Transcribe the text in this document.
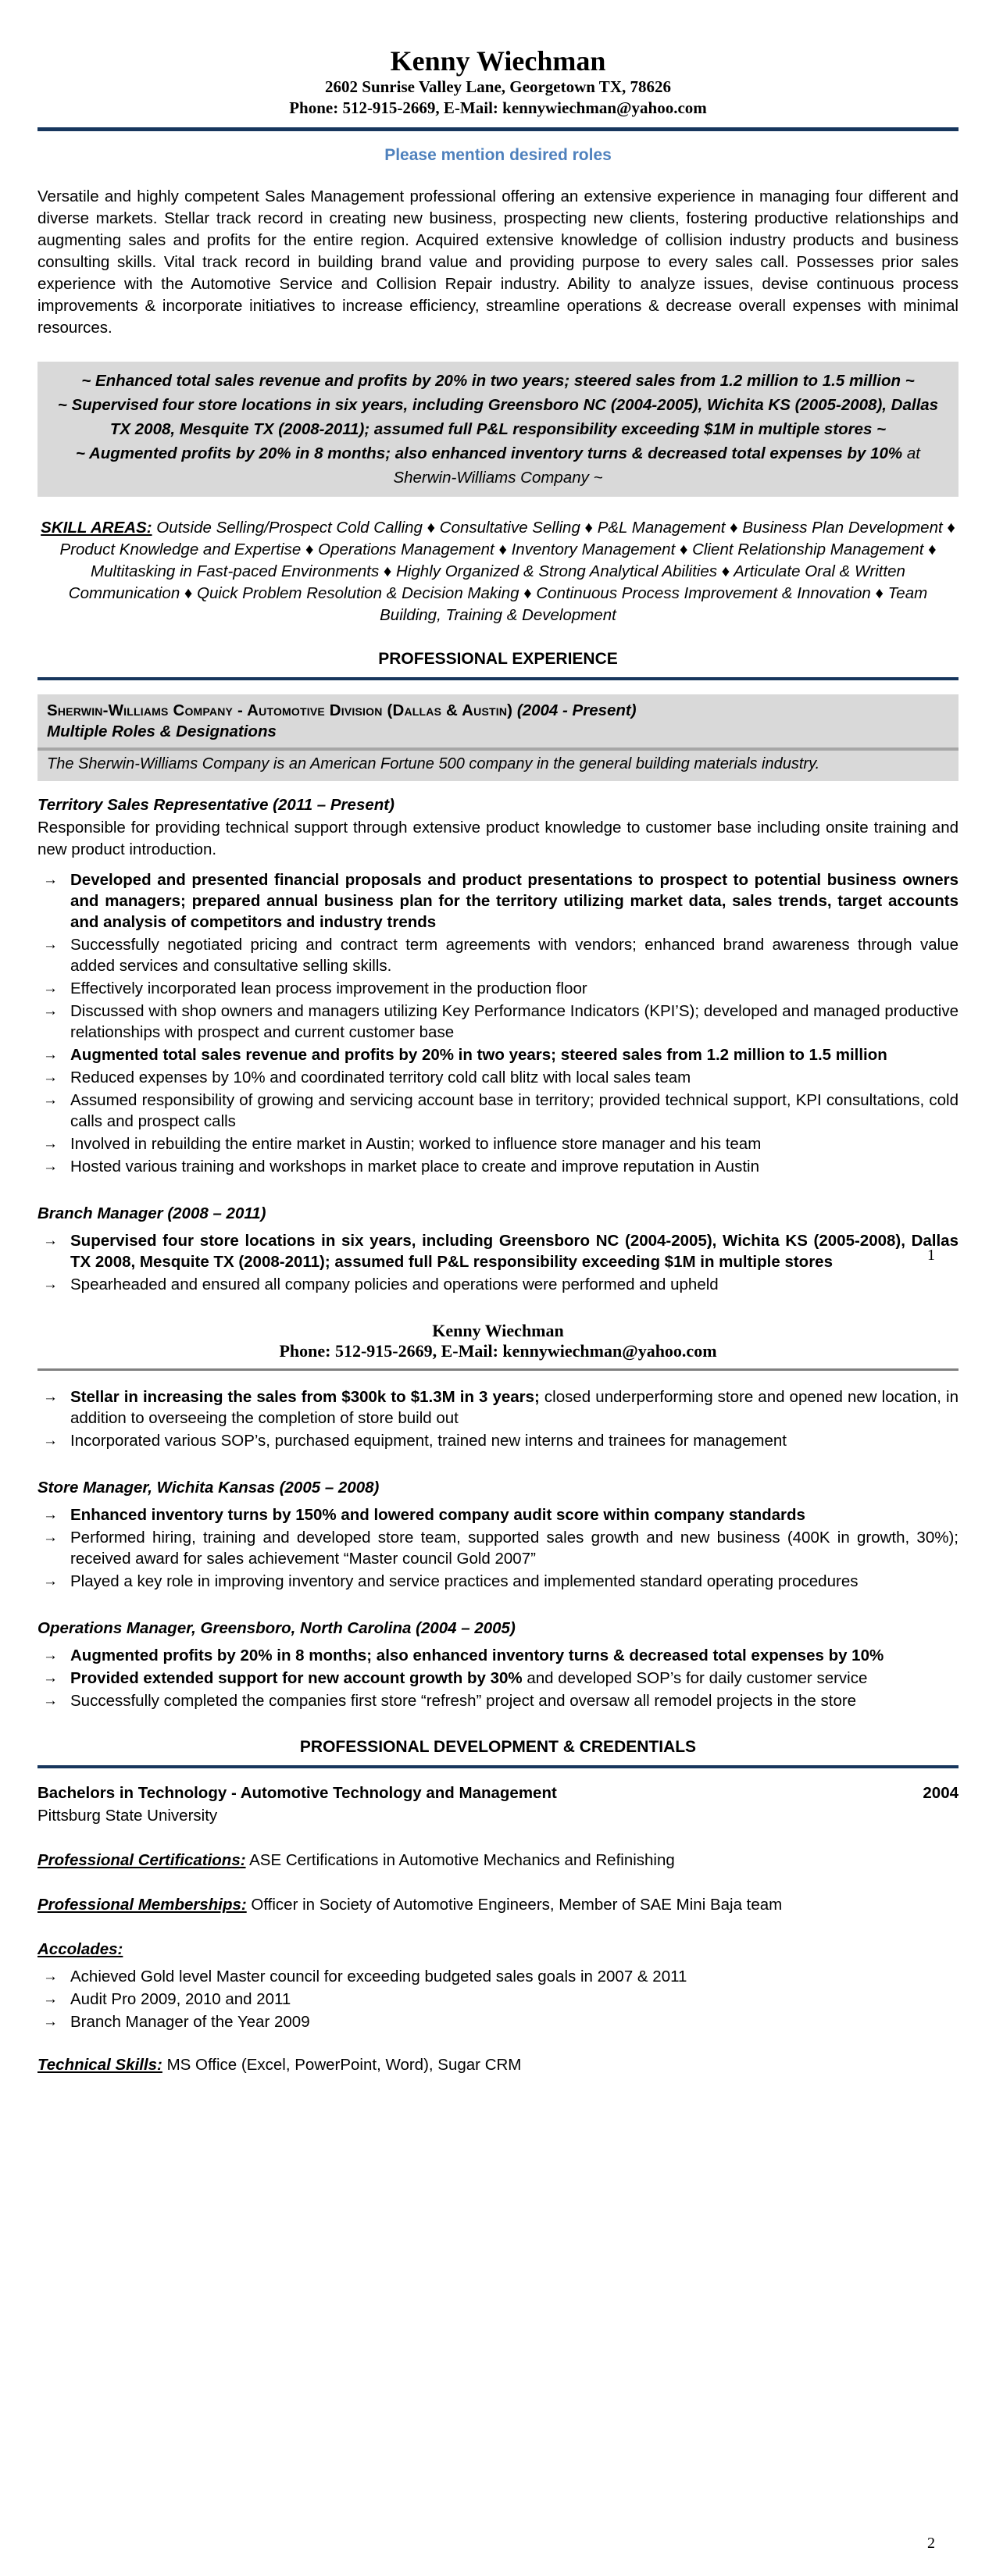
Kenny Wiechman
2602 Sunrise Valley Lane, Georgetown TX, 78626
Phone: 512-915-2669, E-Mail: kennywiechman@yahoo.com
Please mention desired roles

Versatile and highly competent Sales Management professional offering an extensive experience in managing four different and diverse markets. Stellar track record in creating new business, prospecting new clients, fostering productive relationships and augmenting sales and profits for the entire region. Acquired extensive knowledge of collision industry products and business consulting skills. Vital track record in building brand value and providing purpose to every sales call. Possesses prior sales experience with the Automotive Service and Collision Repair industry. Ability to analyze issues, devise continuous process improvements & incorporate initiatives to increase efficiency, streamline operations & decrease overall expenses with minimal resources.

~ Enhanced total sales revenue and profits by 20% in two years; steered sales from 1.2 million to 1.5 million ~
~ Supervised four store locations in six years, including Greensboro NC (2004-2005), Wichita KS (2005-2008), Dallas TX 2008, Mesquite TX (2008-2011); assumed full P&L responsibility exceeding $1M in multiple stores ~
~ Augmented profits by 20% in 8 months; also enhanced inventory turns & decreased total expenses by 10% at Sherwin-Williams Company ~

SKILL AREAS: Outside Selling/Prospect Cold Calling ♦ Consultative Selling ♦ P&L Management ♦ Business Plan Development ♦ Product Knowledge and Expertise ♦ Operations Management ♦ Inventory Management ♦ Client Relationship Management ♦ Multitasking in Fast-paced Environments ♦ Highly Organized & Strong Analytical Abilities ♦ Articulate Oral & Written Communication ♦ Quick Problem Resolution & Decision Making ♦ Continuous Process Improvement & Innovation ♦ Team Building, Training & Development

PROFESSIONAL EXPERIENCE
Sherwin-Williams Company - Automotive Division (Dallas & Austin) (2004 - Present)
Multiple Roles & Designations
The Sherwin-Williams Company is an American Fortune 500 company in the general building materials industry.
Territory Sales Representative (2011 – Present)

Responsible for providing technical support through extensive product knowledge to customer base including onsite training and new product introduction.

→ Developed and presented financial proposals and product presentations to prospect to potential business owners and managers; prepared annual business plan for the territory utilizing market data, sales trends, target accounts and analysis of competitors and industry trends
→ Successfully negotiated pricing and contract term agreements with vendors; enhanced brand awareness through value added services and consultative selling skills.
→ Effectively incorporated lean process improvement in the production floor
→ Discussed with shop owners and managers utilizing Key Performance Indicators (KPI’S); developed and managed productive relationships with prospect and current customer base
→ Augmented total sales revenue and profits by 20% in two years; steered sales from 1.2 million to 1.5 million
→ Reduced expenses by 10% and coordinated territory cold call blitz with local sales team
→ Assumed responsibility of growing and servicing account base in territory; provided technical support, KPI consultations, cold calls and prospect calls
→ Involved in rebuilding the entire market in Austin; worked to influence store manager and his team
→ Hosted various training and workshops in market place to create and improve reputation in Austin
Branch Manager (2008 – 2011)
→ Supervised four store locations in six years, including Greensboro NC (2004-2005), Wichita KS (2005-2008), Dallas TX 2008, Mesquite TX (2008-2011); assumed full P&L responsibility exceeding $1M in multiple stores
→ Spearheaded and ensured all company policies and operations were performed and upheld
1
Kenny Wiechman
Phone: 512-915-2669, E-Mail: kennywiechman@yahoo.com
→ Stellar in increasing the sales from $300k to $1.3M in 3 years; closed underperforming store and opened new location, in addition to overseeing the completion of store build out
→ Incorporated various SOP’s, purchased equipment, trained new interns and trainees for management
Store Manager, Wichita Kansas (2005 – 2008)
→ Enhanced inventory turns by 150% and lowered company audit score within company standards
→ Performed hiring, training and developed store team, supported sales growth and new business (400K in growth, 30%); received award for sales achievement “Master council Gold 2007”
→ Played a key role in improving inventory and service practices and implemented standard operating procedures
Operations Manager, Greensboro, North Carolina (2004 – 2005)
→ Augmented profits by 20% in 8 months; also enhanced inventory turns & decreased total expenses by 10%
→ Provided extended support for new account growth by 30% and developed SOP’s for daily customer service
→ Successfully completed the companies first store “refresh” project and oversaw all remodel projects in the store
PROFESSIONAL DEVELOPMENT & CREDENTIALS
Bachelors in Technology - Automotive Technology and Management	2004
Pittsburg State University

Professional Certifications: ASE Certifications in Automotive Mechanics and Refinishing

Professional Memberships: Officer in Society of Automotive Engineers, Member of SAE Mini Baja team

Accolades:

→ Achieved Gold level Master council for exceeding budgeted sales goals in 2007 & 2011
→ Audit Pro 2009, 2010 and 2011
→ Branch Manager of the Year 2009

Technical Skills: MS Office (Excel, PowerPoint, Word), Sugar CRM

2
